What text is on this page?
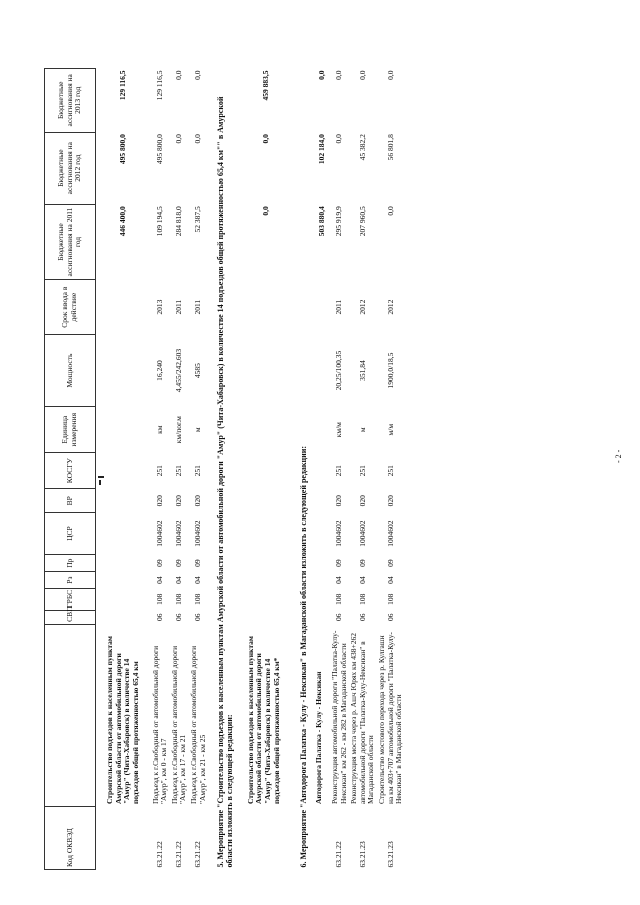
Код ОКВЭД		СВП	ГРБС	Рз	Пр	ЦСР	ВР	КОСГУ	Единица измерения	Мощность	Срок ввода в действие	Бюджетные ассигнования на 2011 год	Бюджетные ассигнования на 2012 год	Бюджетные ассигнования на 2013 год
	Строительство подъездов к населенным пунктам Амурской области от автомобильной дороги "Амур" (Чита-Хабаровск) в количестве 14 подъездов общей протяженностью 65,4 км											446 400,0	495 800,0	129 116,5
63.21.22	Подъезд к г.Свободный от автомобильной дороги "Амур", км 0 - км 17	06	108	04	09	1004602	020	251	км	16,240	2013	109 194,5	495 800,0	129 116,5
63.21.22	Подъезд к г.Свободный от автомобильной дороги "Амур", км 17 - км 21	06	108	04	09	1004602	020	251	км/пог.м	4,455/242,603	2011	284 818,0	0,0	0,0
63.21.22	Подъезд к г.Свободный от автомобильной дороги "Амур", км 21 - км 25	06	108	04	09	1004602	020	251	м	4585	2011	52 387,5	0,0	0,0
5. Мероприятие "Строительство подъездов к населенным пунктам Амурской области от автомобильной дороги "Амур" (Чита-Хабаровск) в количестве 14 подъездов общей протяженностью 65,4 км"" в Амурской области изложить в следующей редакции:														
	Строительство подъездов к населенным пунктам Амурской области от автомобильной дороги "Амур" (Чита-Хабаровск) в количестве 14 подъездов общей протяженностью 65,4 км*											0,0	0,0	459 883,5
6. Мероприятие "Автодорога Палатка - Кулу - Нексикан" в Магаданской области изложить в следующей редакции:														
	Автодорога Палатка - Кулу - Нексикан											503 880,4	102 184,0	0,0
63.21.22	Реконструкция автомобильной дороги "Палатка-Кулу-Нексикан" км 262 - км 282 в Магаданской области	06	108	04	09	1004602	020	251	км/м	20,25/100,35	2011	295 919,9	0,0	0,0
63.21.23	Реконструкция моста через р. Ашч Юрях км 438+262 автомобильной дороги "Палатка-Кулу-Нексикан" в Магаданской области	06	108	04	09	1004602	020	251	м	351,84	2012	207 960,5	45 382,2	0,0
63.21.23	Строительство мостового перехода через р. Кулгашн на км 403+707 автомобильной дороги "Палатка-Кулу-Нексикан" в Магаданской области	06	108	04	09	1004602	020	251	м/м	1900,0/18,5	2012	0,0	56 801,8	0,0
- 2 -
